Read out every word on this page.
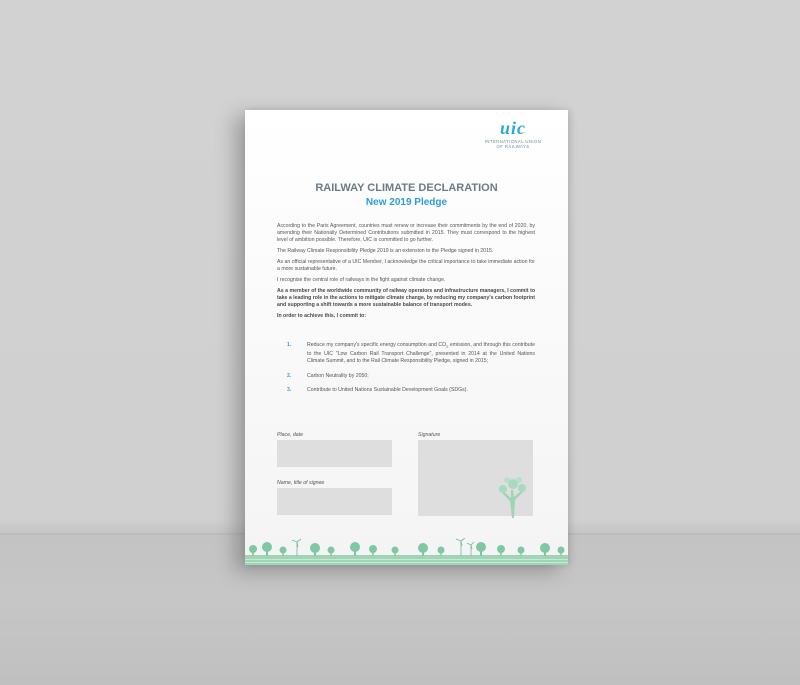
uic
INTERNATIONAL UNION
OF RAILWAYS
RAILWAY CLIMATE DECLARATION
New 2019 Pledge

According to the Paris Agreement, countries must renew or increase their commitments by the end of 2020, by amending their Nationally Determined Contributions submitted in 2015. They must correspond to the highest level of ambition possible. Therefore, UIC is committed to go further.

The Railway Climate Responsibility Pledge 2019 is an extension to the Pledge signed in 2015.

As an official representative of a UIC Member, I acknowledge the critical importance to take immediate action for a more sustainable future.

I recognise the central role of railways in the fight against climate change.

As a member of the worldwide community of railway operators and infrastructure managers, I commit to take a leading role in the actions to mitigate climate change, by reducing my company's carbon footprint and supporting a shift towards a more sustainable balance of transport modes.

In order to achieve this, I commit to:

1.	Reduce my company's specific energy consumption and $CO_2$ emission, and through this contribute to the UIC "Low Carbon Rail Transport Challenge", presented in 2014 at the United Nations Climate Summit, and to the Rail Climate Responsibility Pledge, signed in 2015;
2.	Carbon Neutrality by 2050;
3.	Contribute to United Nations Sustainable Development Goals (SDGs).
Place, date
Name, title of signee
Signature
